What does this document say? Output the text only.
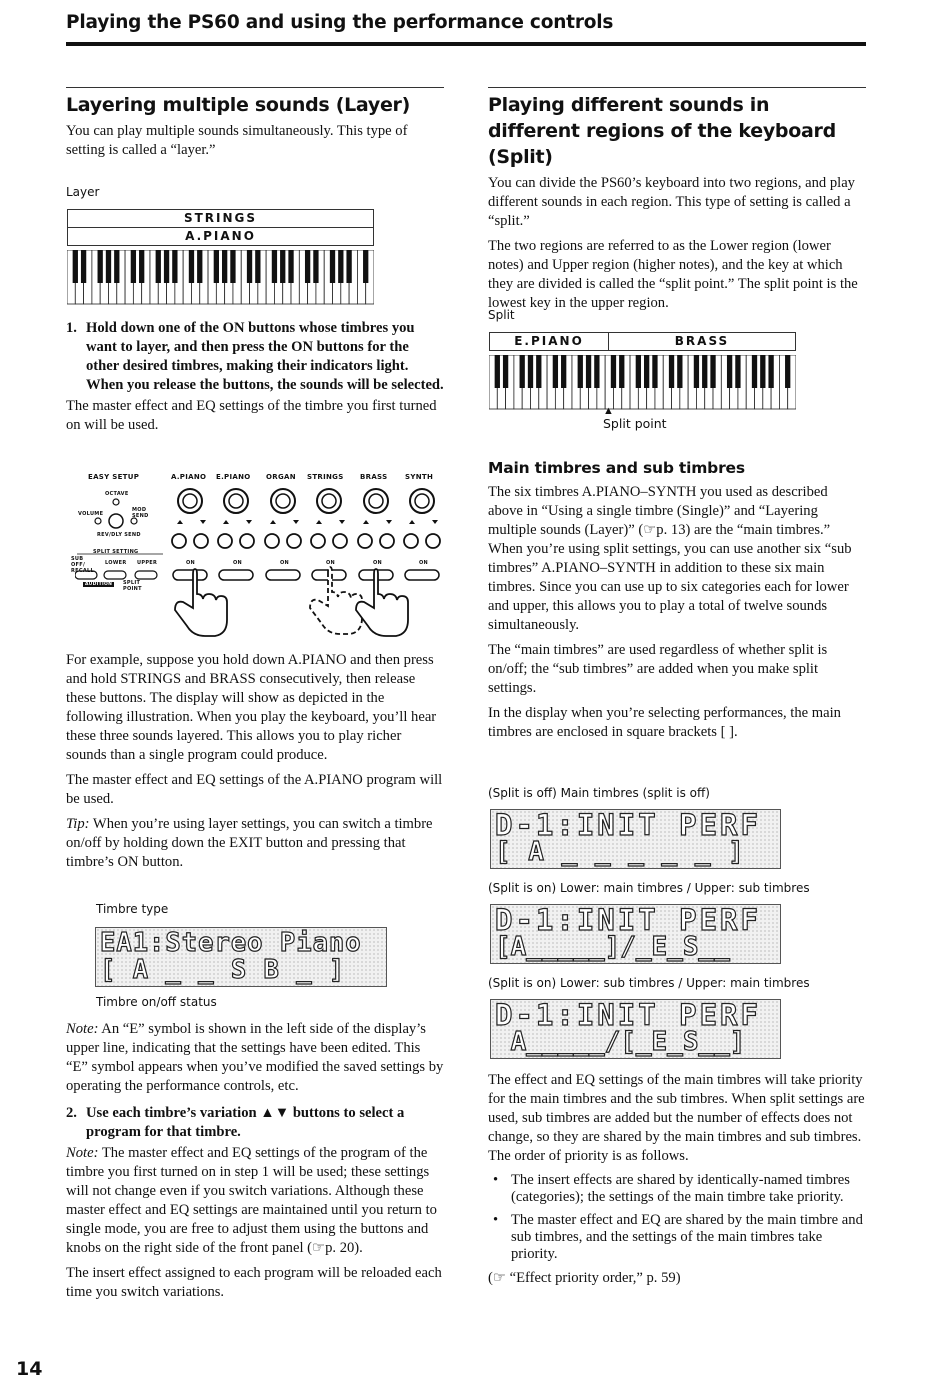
Playing the PS60 and using the performance controls
Layering multiple sounds (Layer)

You can play multiple sounds simultaneously. This type of setting is called a “layer.”

Layer
STRINGS
A.PIANO
1. Hold down one of the ON buttons whose timbres you want to layer, and then press the ON buttons for the other desired timbres, making their indicators light. When you release the buttons, the sounds will be selected.

The master effect and EQ settings of the timbre you first turned on will be used.

EASY SETUP
OCTAVE
VOLUME
MOD SEND
REV/DLY SEND
SPLIT SETTING
SUB OFF/ RECALL
LOWER UPPER
AUDITION	SPLIT POINT
A.PIANO E.PIANO ORGAN STRINGS BRASS	SYNTH
ON	ON	ON	ON	ON	ON

For example, suppose you hold down A.PIANO and then press and hold STRINGS and BRASS consecutively, then release these buttons. The display will show as depicted in the following illustration. When you play the keyboard, you’ll hear these three sounds layered. This allows you to play richer sounds than a single program could produce.

The master effect and EQ settings of the A.PIANO program will be used.

Tip: When you’re using layer settings, you can switch a timbre on/off by holding down the EXIT button and pressing that timbre’s ON button.

Timbre type
EA1:Stereo Piano
[ A _ _ S B _ ]
Timbre on/off status

Note: An “E” symbol is shown in the left side of the display’s upper line, indicating that the settings have been edited. This “E” symbol appears when you’ve modified the saved settings by operating the performance controls, etc.

2. Use each timbre’s variation ▲▼ buttons to select a program for that timbre.

Note: The master effect and EQ settings of the program of the timbre you first turned on in step 1 will be used; these settings will not change even if you switch variations. Although these master effect and EQ settings are maintained until you return to single mode, you are free to adjust them using the buttons and knobs on the right side of the front panel (☞p. 20).

The insert effect assigned to each program will be reloaded each time you switch variations.

Playing different sounds in different regions of the keyboard (Split)

You can divide the PS60’s keyboard into two regions, and play different sounds in each region. This type of setting is called a “split.”

The two regions are referred to as the Lower region (lower notes) and Upper region (higher notes), and the key at which they are divided is called the “split point.” The split point is the lowest key in the upper region.

Split
E.PIANO	BRASS
▲
Split point
Main timbres and sub timbres

The six timbres A.PIANO–SYNTH you used as described above in “Using a single timbre (Single)” and “Layering multiple sounds (Layer)” (☞p. 13) are the “main timbres.” When you’re using split settings, you can use another six “sub timbres” A.PIANO–SYNTH in addition to these six main timbres. Since you can use up to six categories each for lower and upper, this allows you to play a total of twelve sounds simultaneously.

The “main timbres” are used regardless of whether split is on/off; the “sub timbres” are added when you make split settings.

In the display when you’re selecting performances, the main timbres are enclosed in square brackets [ ].

(Split is off) Main timbres (split is off)
D-1:INIT PERF
[ A _ _ _ _ _ ]
(Split is on) Lower: main timbres / Upper: sub timbres
D-1:INIT PERF
[A_____]/_E_S__
(Split is on) Lower: sub timbres / Upper: main timbres
D-1:INIT PERF
A_____/[_E_S__]

The effect and EQ settings of the main timbres will take priority for the main timbres and the sub timbres. When split settings are used, sub timbres are added but the number of effects does not change, so they are shared by the main timbres and sub timbres. The order of priority is as follows.

• The insert effects are shared by identically-named timbres (categories); the settings of the main timbre take priority.
• The master effect and EQ are shared by the main timbre and sub timbres, and the settings of the main timbres take priority.

(☞ “Effect priority order,” p. 59)

14
